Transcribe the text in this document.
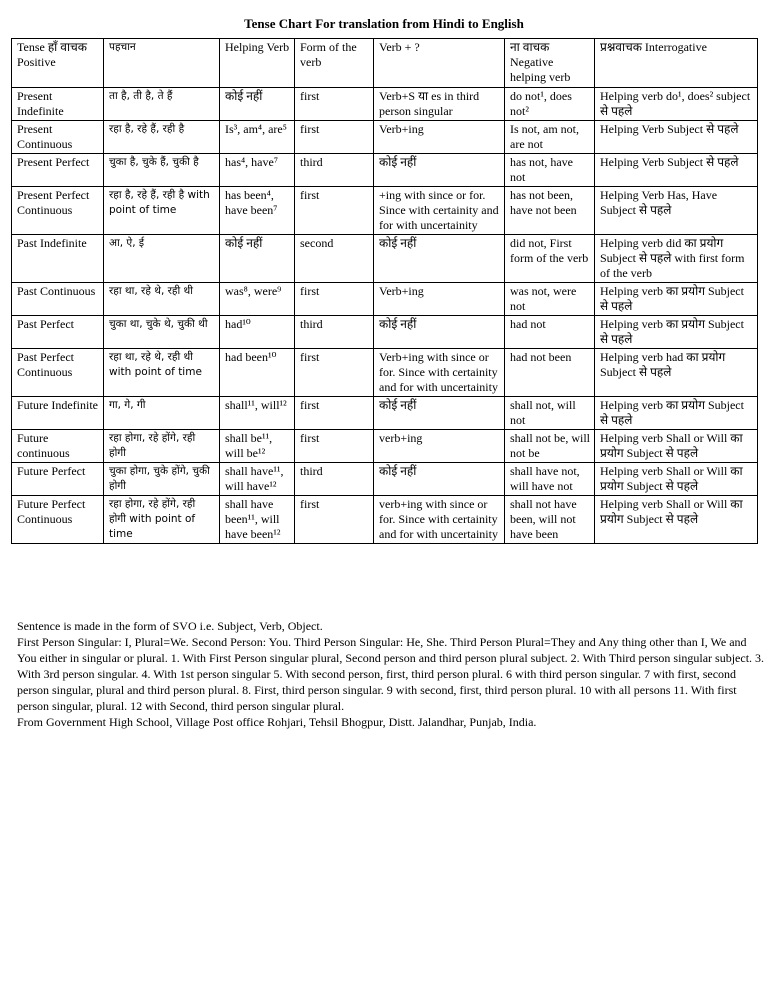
Tense Chart For translation from Hindi to English
Tense हाँ वाचक Positive	पहचान	Helping Verb	Form of the verb	Verb + ?	ना वाचक Negative helping verb	प्रश्नवाचक Interrogative
Present Indefinite	ता है, ती है, ते हैं	कोई नहीं	first	Verb+S या es in third person singular	do not¹, does not²	Helping verb do¹, does² subject से पहले
Present Continuous	रहा है, रहे हैं, रही है	Is³, am⁴, are⁵	first	Verb+ing	Is not, am not, are not	Helping Verb Subject से पहले
Present Perfect	चुका है, चुके हैं, चुकी है	has⁴, have⁷	third	कोई नहीं	has not, have not	Helping Verb Subject से पहले
Present Perfect Continuous	रहा है, रहे हैं, रही है with point of time	has been⁴, have been⁷	first	+ing with since or for. Since with certainity and for with uncertainity	has not been, have not been	Helping Verb Has, Have Subject से पहले
Past Indefinite	आ, ऐ, ई	कोई नहीं	second	कोई नहीं	did not, First form of the verb	Helping verb did का प्रयोग Subject से पहले with first form of the verb
Past Continuous	रहा था, रहे थे, रही थी	was⁸, were⁹	first	Verb+ing	was not, were not	Helping verb का प्रयोग Subject से पहले
Past Perfect	चुका था, चुके थे, चुकी थी	had¹⁰	third	कोई नहीं	had not	Helping verb का प्रयोग Subject से पहले
Past Perfect Continuous	रहा था, रहे थे, रही थी with point of time	had been¹⁰	first	Verb+ing with since or for. Since with certainity and for with uncertainity	had not been	Helping verb had का प्रयोग Subject से पहले
Future Indefinite	गा, गे, गी	shall¹¹, will¹²	first	कोई नहीं	shall not, will not	Helping verb का प्रयोग Subject से पहले
Future continuous	रहा होगा, रहे होंगे, रही होगी	shall be¹¹, will be¹²	first	verb+ing	shall not be, will not be	Helping verb Shall or Will का प्रयोग Subject से पहले
Future Perfect	चुका होगा, चुके होंगे, चुकी होगी	shall have¹¹, will have¹²	third	कोई नहीं	shall have not, will have not	Helping verb Shall or Will का प्रयोग Subject से पहले
Future Perfect Continuous	रहा होगा, रहे होंगे, रही होगी with point of time	shall have been¹¹, will have been¹²	first	verb+ing with since or for. Since with certainity and for with uncertainity	shall not have been, will not have been	Helping verb Shall or Will का प्रयोग Subject से पहले

Sentence is made in the form of SVO i.e. Subject, Verb, Object.

First Person Singular: I, Plural=We. Second Person: You. Third Person Singular: He, She. Third Person Plural=They and Any thing other than I, We and You either in singular or plural. 1. With First Person singular plural, Second person and third person plural subject. 2. With Third person singular subject. 3. With 3rd person singular. 4. With 1st person singular 5. With second person, first, third person plural. 6 with third person singular. 7 with first, second person singular, plural and third person plural. 8. First, third person singular. 9 with second, first, third person plural. 10 with all persons 11. With first person singular, plural. 12 with Second, third person singular plural.

From Government High School, Village Post office Rohjari, Tehsil Bhogpur, Distt. Jalandhar, Punjab, India.
